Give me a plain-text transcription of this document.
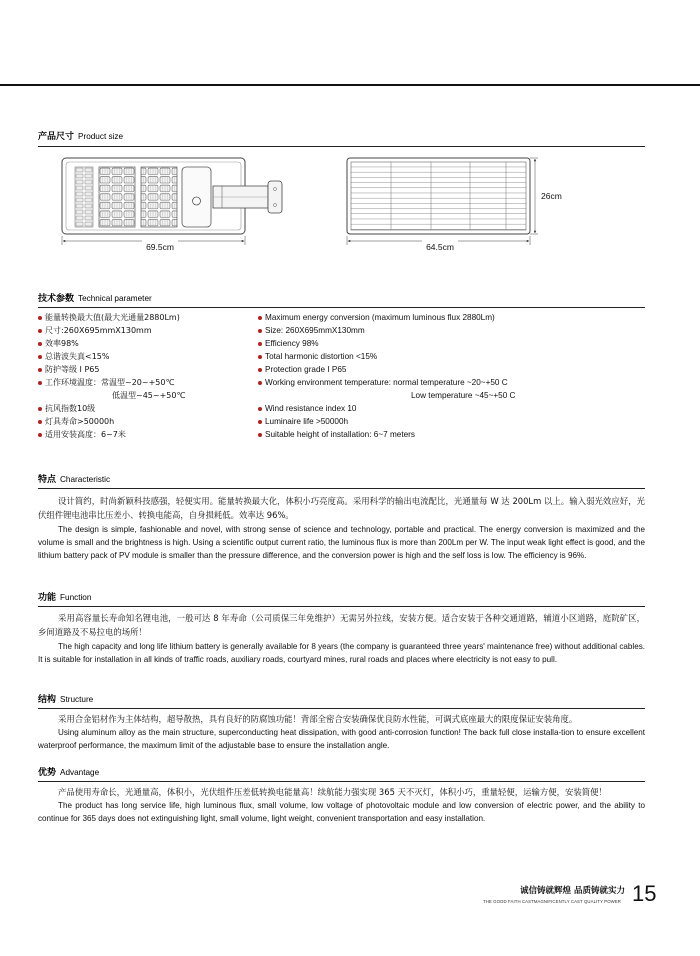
产品尺寸 Product size
69.5cm
26cm
64.5cm
技术参数 Technical parameter
能量转换最大值(最大光通量2880Lm)
尺寸:260X695mmX130mm
效率98%
总谐波失真<15%
防护等级 I P65
工作环境温度：常温型~20~+50℃
低温型~45~+50℃
抗风指数10级
灯具寿命>50000h
适用安装高度：6~7米
Maximum energy conversion (maximum luminous flux 2880Lm)
Size: 260X695mmX130mm
Efficiency 98%
Total harmonic distortion <15%
Protection grade I P65
Working environment temperature: normal temperature ~20~+50 C
Low temperature ~45~+50 C
Wind resistance index 10
Luminaire life >50000h
Suitable height of installation: 6~7 meters
特点 Characteristic

设计简约，时尚新颖科技感强，轻便实用。能量转换最大化，体积小巧亮度高。采用科学的输出电流配比，光通量每 W 达 200Lm 以上。输入弱光效应好，光伏组件锂电池串比压差小、转换电能高，自身损耗低。效率达 96%。

The design is simple, fashionable and novel, with strong sense of science and technology, portable and practical. The energy conversion is maximized and the volume is small and the brightness is high. Using a scientific output current ratio, the luminous flux is more than 200Lm per W. The input weak light effect is good, and the lithium battery pack of PV module is smaller than the pressure difference, and the conversion power is high and the self loss is low. The efficiency is 96%.

功能 Function

采用高容量长寿命知名锂电池，一般可达 8 年寿命（公司质保三年免维护）无需另外拉线，安装方便。适合安装于各种交通道路，辅道小区道路，庭院矿区，乡间道路及不易拉电的场所！

The high capacity and long life lithium battery is generally available for 8 years (the company is guaranteed three years' maintenance free) without additional cables. It is suitable for installation in all kinds of traffic roads, auxiliary roads, courtyard mines, rural roads and places where electricity is not easy to pull.

结构 Structure

采用合金铝材作为主体结构，超导散热，具有良好的防腐蚀功能！背部全密合安装确保优良防水性能，可调式底座最大的限度保证安装角度。

Using aluminum alloy as the main structure, superconducting heat dissipation, with good anti-corrosion function! The back full close installa-tion to ensure excellent waterproof performance, the maximum limit of the adjustable base to ensure the installation angle.

优势 Advantage

产品使用寿命长，光通量高，体积小，光伏组件压差低转换电能量高！续航能力强实现 365 天不灭灯，体积小巧，重量轻便，运输方便，安装简便！

The product has long service life, high luminous flux, small volume, low voltage of photovoltaic module and low conversion of electric power, and the ability to continue for 365 days does not extinguishing light, small volume, light weight, convenient transportation and easy installation.

诚信铸就辉煌 品质铸就实力
THE GOOD FAITH CASTMAGNIFICENTLY CAST QUALITY POWER 15
